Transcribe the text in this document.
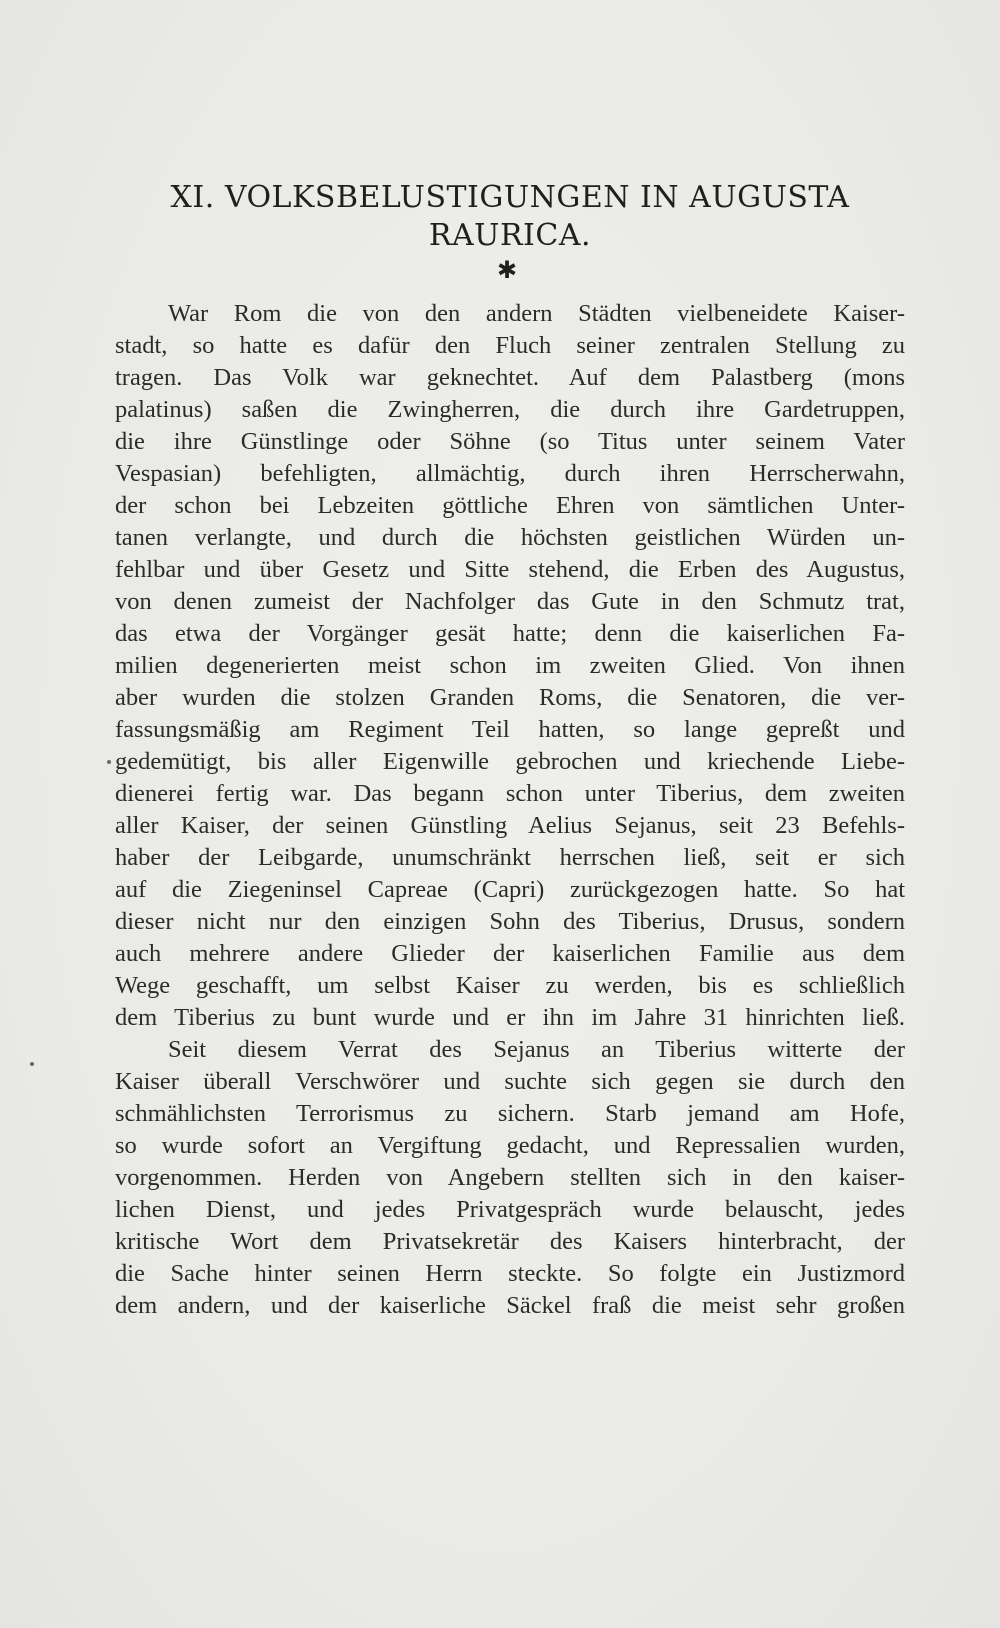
XI. VOLKSBELUSTIGUNGEN IN AUGUSTA
RAURICA.
✱
War Rom die von den andern Städten vielbeneidete Kaiser-
stadt, so hatte es dafür den Fluch seiner zentralen Stellung zu
tragen. Das Volk war geknechtet. Auf dem Palastberg (mons
palatinus) saßen die Zwingherren, die durch ihre Gardetruppen,
die ihre Günstlinge oder Söhne (so Titus unter seinem Vater
Vespasian) befehligten, allmächtig, durch ihren Herrscherwahn,
der schon bei Lebzeiten göttliche Ehren von sämtlichen Unter-
tanen verlangte, und durch die höchsten geistlichen Würden un-
fehlbar und über Gesetz und Sitte stehend, die Erben des Augustus,
von denen zumeist der Nachfolger das Gute in den Schmutz trat,
das etwa der Vorgänger gesät hatte; denn die kaiserlichen Fa-
milien degenerierten meist schon im zweiten Glied. Von ihnen
aber wurden die stolzen Granden Roms, die Senatoren, die ver-
fassungsmäßig am Regiment Teil hatten, so lange gepreßt und
gedemütigt, bis aller Eigenwille gebrochen und kriechende Liebe-
dienerei fertig war. Das begann schon unter Tiberius, dem zweiten
aller Kaiser, der seinen Günstling Aelius Sejanus, seit 23 Befehls-
haber der Leibgarde, unumschränkt herrschen ließ, seit er sich
auf die Ziegeninsel Capreae (Capri) zurückgezogen hatte. So hat
dieser nicht nur den einzigen Sohn des Tiberius, Drusus, sondern
auch mehrere andere Glieder der kaiserlichen Familie aus dem
Wege geschafft, um selbst Kaiser zu werden, bis es schließlich
dem Tiberius zu bunt wurde und er ihn im Jahre 31 hinrichten ließ.
Seit diesem Verrat des Sejanus an Tiberius witterte der
Kaiser überall Verschwörer und suchte sich gegen sie durch den
schmählichsten Terrorismus zu sichern. Starb jemand am Hofe,
so wurde sofort an Vergiftung gedacht, und Repressalien wurden,
vorgenommen. Herden von Angebern stellten sich in den kaiser-
lichen Dienst, und jedes Privatgespräch wurde belauscht, jedes
kritische Wort dem Privatsekretär des Kaisers hinterbracht, der
die Sache hinter seinen Herrn steckte. So folgte ein Justizmord
dem andern, und der kaiserliche Säckel fraß die meist sehr großen
